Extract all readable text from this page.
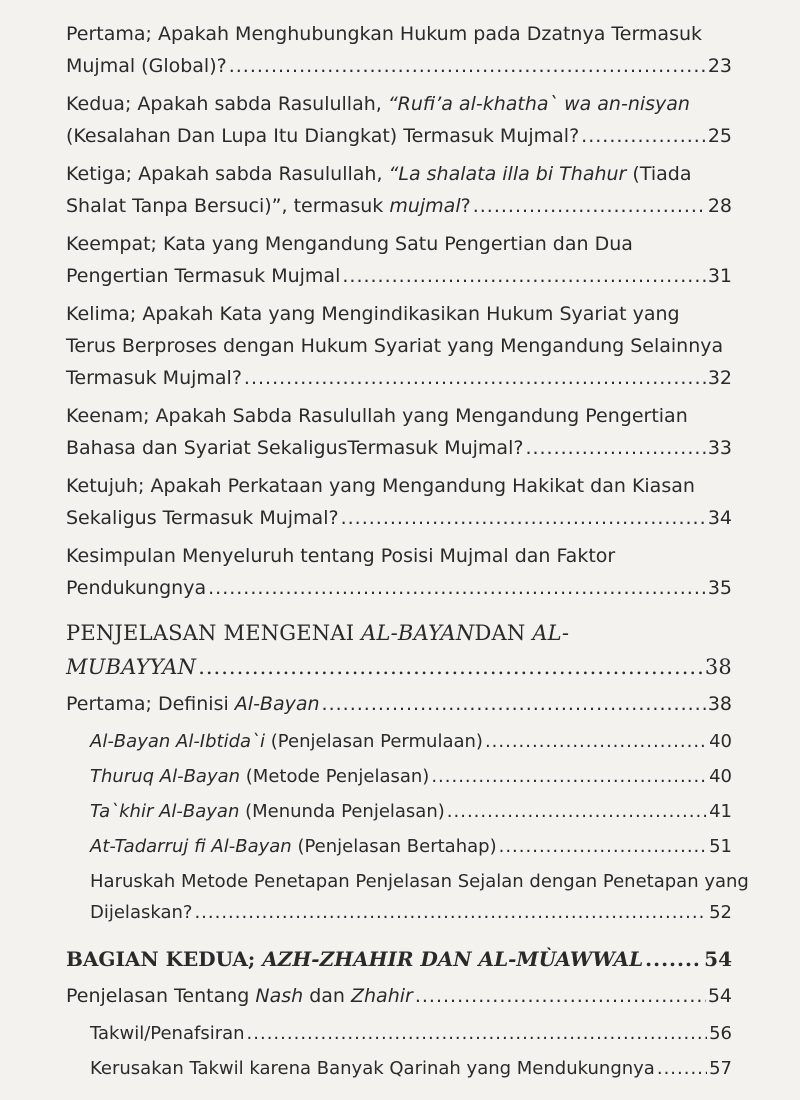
Pertama; Apakah Menghubungkan Hukum pada Dzatnya Termasuk
Mujmal (Global)? .....	23
Kedua; Apakah sabda Rasulullah, “Rufi’a al-khatha` wa an-nisyan
(Kesalahan Dan Lupa Itu Diangkat) Termasuk Mujmal? .....	25
Ketiga; Apakah sabda Rasulullah, “La shalata illa bi Thahur (Tiada
Shalat Tanpa Bersuci)”, termasuk mujmal? .....	28
Keempat; Kata yang Mengandung Satu Pengertian dan Dua
Pengertian Termasuk Mujmal .....	31
Kelima; Apakah Kata yang Mengindikasikan Hukum Syariat yang
Terus Berproses dengan Hukum Syariat yang Mengandung Selainnya
Termasuk Mujmal? .....	32
Keenam; Apakah Sabda Rasulullah yang Mengandung Pengertian
Bahasa dan Syariat SekaligusTermasuk Mujmal? .....	33
Ketujuh; Apakah Perkataan yang Mengandung Hakikat dan Kiasan
Sekaligus Termasuk Mujmal? .....	34
Kesimpulan Menyeluruh tentang Posisi Mujmal dan Faktor
Pendukungnya .....	35
PENJELASAN MENGENAI AL-BAYANDAN AL-
MUBAYYAN .....	38
Pertama; Definisi Al-Bayan .....	38
Al-Bayan Al-Ibtida`i (Penjelasan Permulaan) .....	40
Thuruq Al-Bayan (Metode Penjelasan) .....	40
Ta`khir Al-Bayan (Menunda Penjelasan) .....	41
At-Tadarruj fi Al-Bayan (Penjelasan Bertahap) .....	51
Haruskah Metode Penetapan Penjelasan Sejalan dengan Penetapan yang
Dijelaskan? .....	52
BAGIAN KEDUA; AZH-ZHAHIR DAN AL-MÙAWWAL .....	54
Penjelasan Tentang Nash dan Zhahir .....	54
Takwil/Penafsiran .....	56
Kerusakan Takwil karena Banyak Qarinah yang Mendukungnya .....	57
